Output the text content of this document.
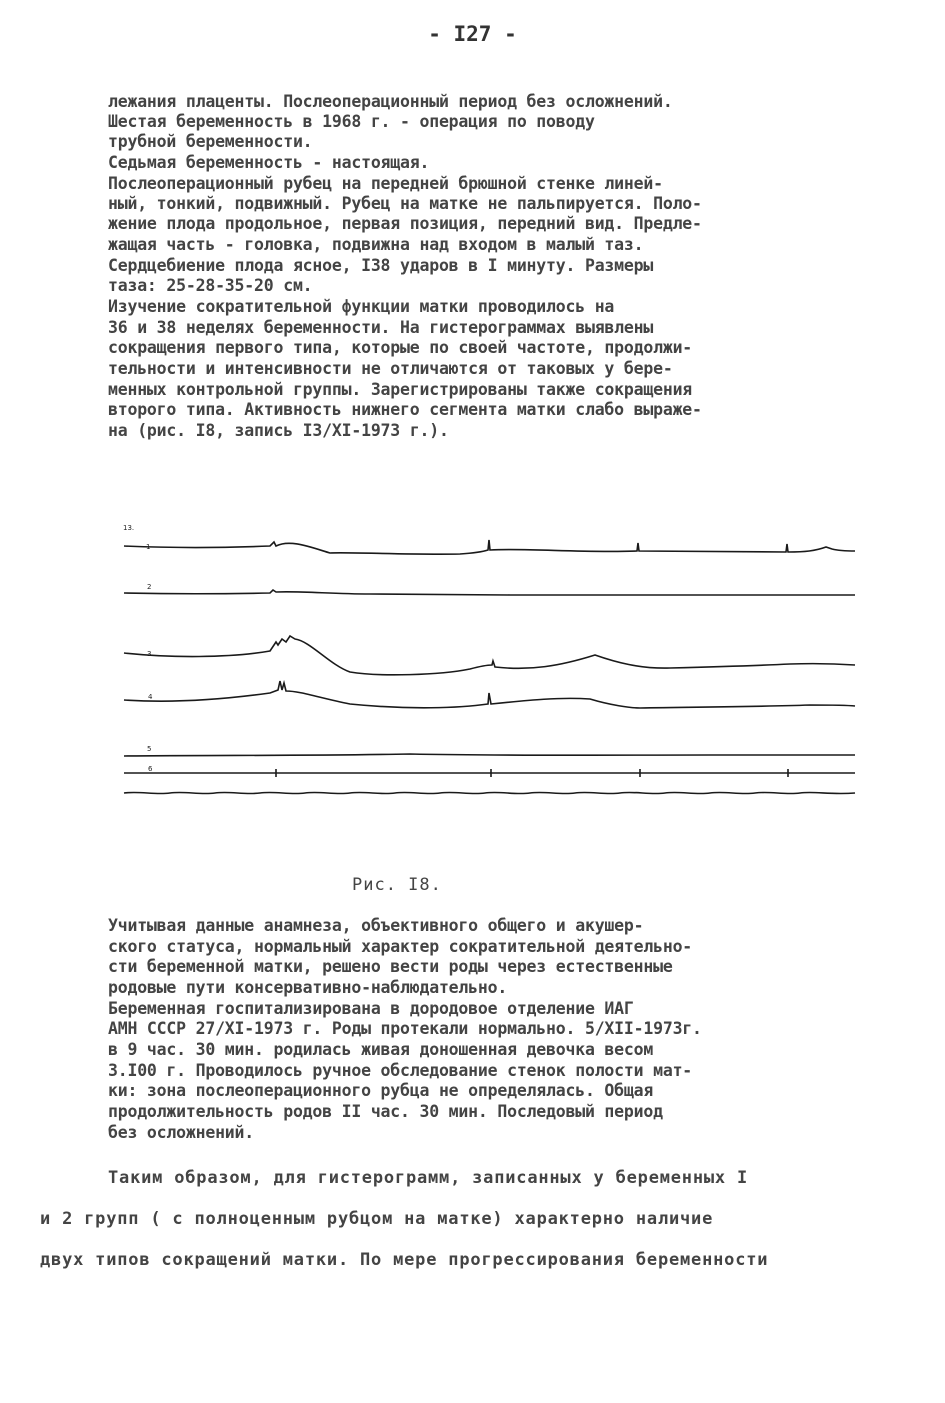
- I27 -
лежания плаценты. Послеоперационный период без осложнений.
Шестая беременность в 1968 г. - операция по поводу
трубной беременности.
Седьмая беременность - настоящая.
Послеоперационный рубец на передней брюшной стенке линей-
ный, тонкий, подвижный. Рубец на матке не пальпируется. Поло-
жение плода продольное, первая позиция, передний вид. Предле-
жащая часть - головка, подвижна над входом в малый таз.
Сердцебиение плода ясное, I38 ударов в I минуту. Размеры
таза: 25-28-35-20 см.
Изучение сократительной функции матки проводилось на
36 и 38 неделях беременности. На гистерограммах выявлены
сокращения первого типа, которые по своей частоте, продолжи-
тельности и интенсивности не отличаются от таковых у бере-
менных контрольной группы. Зарегистрированы также сокращения
второго типа. Активность нижнего сегмента матки слабо выраже-
на (рис. I8, запись I3/XI-1973 г.).
13.
1
2
3
4
5
6
Рис. I8.
Учитывая данные анамнеза, объективного общего и акушер-
ского статуса, нормальный характер сократительной деятельно-
сти беременной матки, решено вести роды через естественные
родовые пути консервативно-наблюдательно.
Беременная госпитализирована в дородовое отделение ИАГ
АМН СССР 27/XI-1973 г. Роды протекали нормально. 5/XII-1973г.
в 9 час. 30 мин. родилась живая доношенная девочка весом
3.I00 г. Проводилось ручное обследование стенок полости мат-
ки: зона послеоперационного рубца не определялась. Общая
продолжительность родов II час. 30 мин. Последовый период
без осложнений.
Таким образом, для гистерограмм, записанных у беременных I
и 2 групп ( с полноценным рубцом на матке) характерно наличие
двух типов сокращений матки. По мере прогрессирования беременности
